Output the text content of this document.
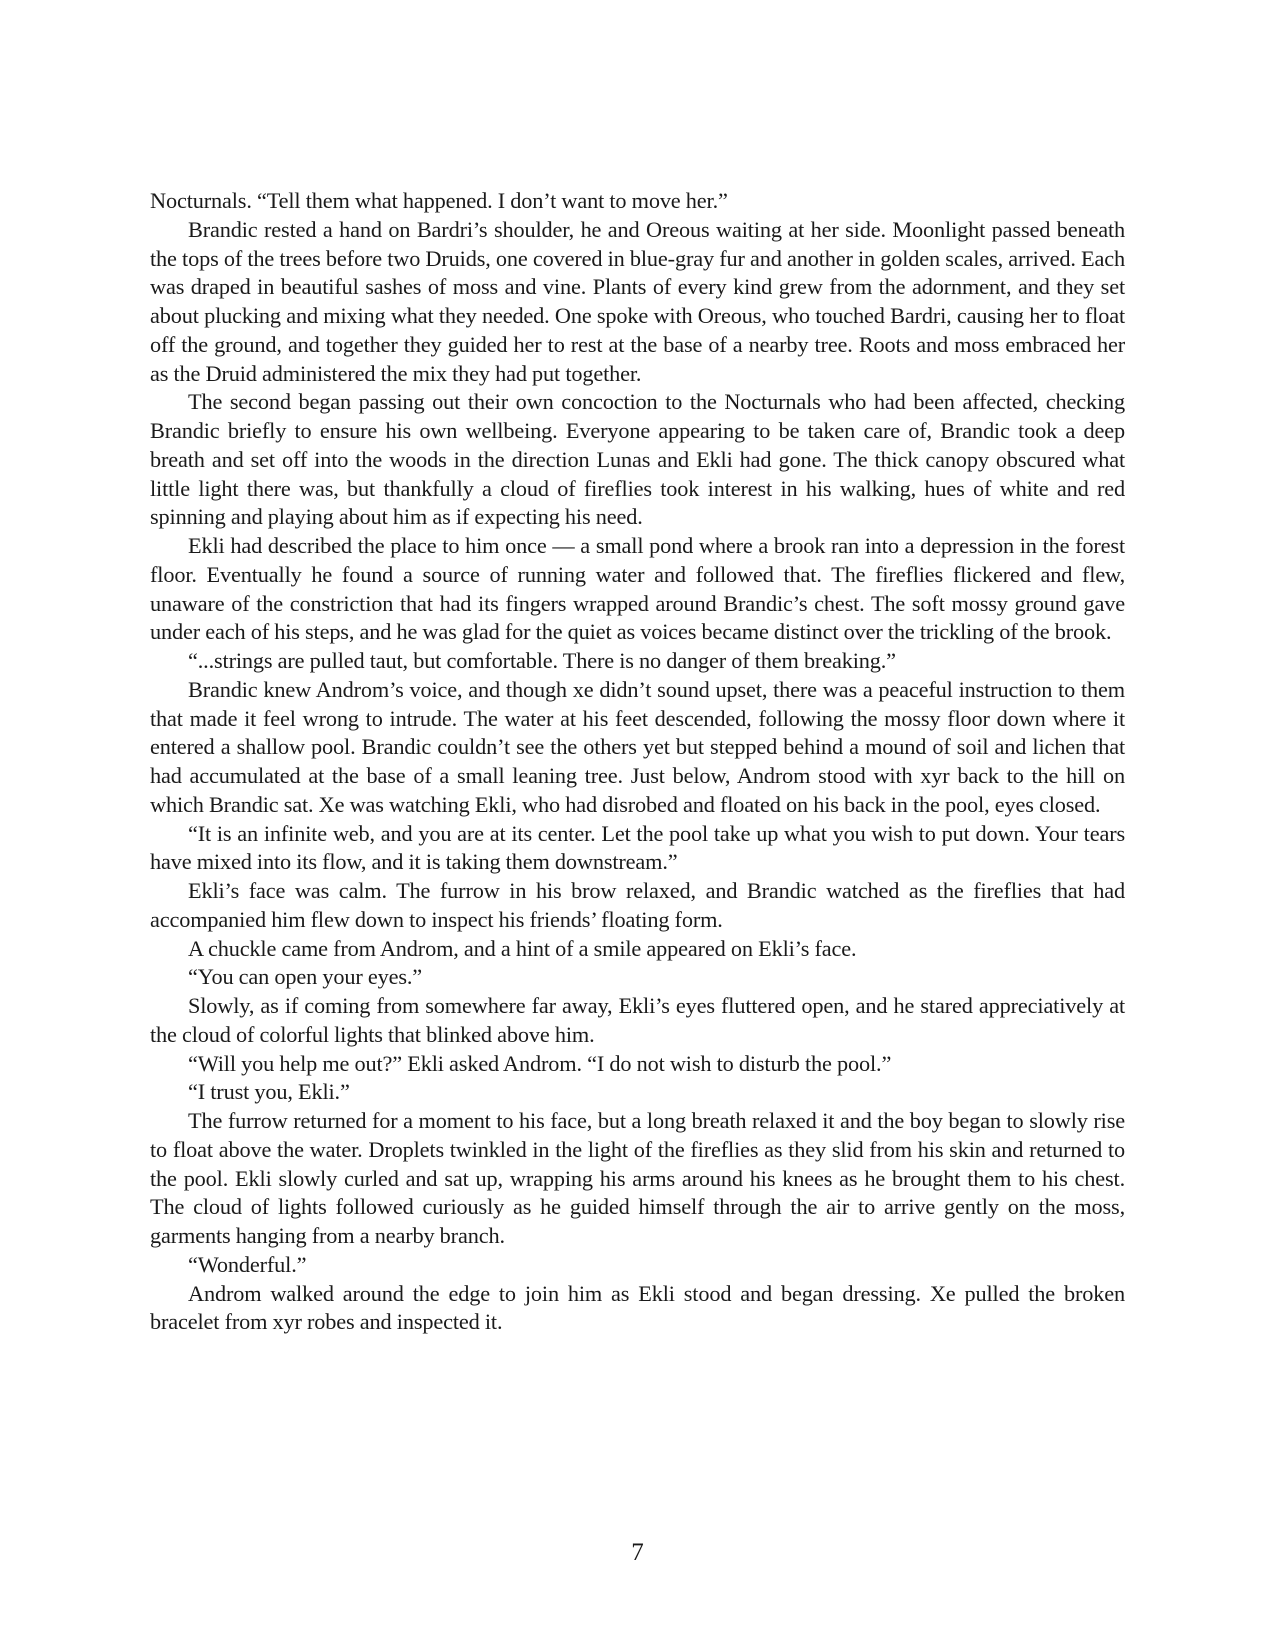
Nocturnals. “Tell them what happened. I don’t want to move her.”

Brandic rested a hand on Bardri’s shoulder, he and Oreous waiting at her side. Moonlight passed beneath the tops of the trees before two Druids, one covered in blue-gray fur and another in golden scales, arrived. Each was draped in beautiful sashes of moss and vine. Plants of every kind grew from the adornment, and they set about plucking and mixing what they needed. One spoke with Oreous, who touched Bardri, causing her to float off the ground, and together they guided her to rest at the base of a nearby tree. Roots and moss embraced her as the Druid administered the mix they had put together.

The second began passing out their own concoction to the Nocturnals who had been affected, checking Brandic briefly to ensure his own wellbeing. Everyone appearing to be taken care of, Brandic took a deep breath and set off into the woods in the direction Lunas and Ekli had gone. The thick canopy obscured what little light there was, but thankfully a cloud of fireflies took interest in his walking, hues of white and red spinning and playing about him as if expecting his need.

Ekli had described the place to him once — a small pond where a brook ran into a depression in the forest floor. Eventually he found a source of running water and followed that. The fireflies flickered and flew, unaware of the constriction that had its fingers wrapped around Brandic’s chest. The soft mossy ground gave under each of his steps, and he was glad for the quiet as voices became distinct over the trickling of the brook.

“...strings are pulled taut, but comfortable. There is no danger of them breaking.”

Brandic knew Androm’s voice, and though xe didn’t sound upset, there was a peaceful instruction to them that made it feel wrong to intrude. The water at his feet descended, following the mossy floor down where it entered a shallow pool. Brandic couldn’t see the others yet but stepped behind a mound of soil and lichen that had accumulated at the base of a small leaning tree. Just below, Androm stood with xyr back to the hill on which Brandic sat. Xe was watching Ekli, who had disrobed and floated on his back in the pool, eyes closed.

“It is an infinite web, and you are at its center. Let the pool take up what you wish to put down. Your tears have mixed into its flow, and it is taking them downstream.”

Ekli’s face was calm. The furrow in his brow relaxed, and Brandic watched as the fireflies that had accompanied him flew down to inspect his friends’ floating form.

A chuckle came from Androm, and a hint of a smile appeared on Ekli’s face.

“You can open your eyes.”

Slowly, as if coming from somewhere far away, Ekli’s eyes fluttered open, and he stared appreciatively at the cloud of colorful lights that blinked above him.

“Will you help me out?” Ekli asked Androm. “I do not wish to disturb the pool.”

“I trust you, Ekli.”

The furrow returned for a moment to his face, but a long breath relaxed it and the boy began to slowly rise to float above the water. Droplets twinkled in the light of the fireflies as they slid from his skin and returned to the pool. Ekli slowly curled and sat up, wrapping his arms around his knees as he brought them to his chest. The cloud of lights followed curiously as he guided himself through the air to arrive gently on the moss, garments hanging from a nearby branch.

“Wonderful.”

Androm walked around the edge to join him as Ekli stood and began dressing. Xe pulled the broken bracelet from xyr robes and inspected it.

7
